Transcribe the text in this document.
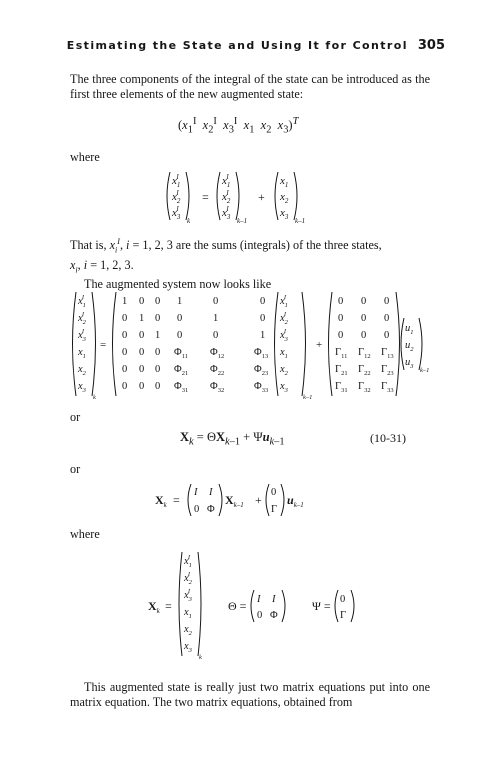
Estimating the State and Using It for Control 305
The three components of the integral of the state can be introduced as the first three elements of the new augmented state:
($x_1^I$ $x_2^I$ $x_3^I$ $x_1$ $x_2$ $x_3)^T$
where
$x_1I$
$x_2I$
$x_3I$
k
=
$x_1I$
$x_2I$
$x_3I$
k–1
+
$x_1$
$x_2$
$x_3$ k–1
That is, $x_i^I$, i = 1, 2, 3 are the sums (integrals) of the three states,
$x_i$, i = 1, 2, 3.
The augmented system now looks like
$x_1I$
$x_2I$
$x_3I$
$x_1$
$x_2$
$x_3$
k
=
1 0 0 1	0	0
0 1 0 0	1	0
0 0 1 0	0	1
0 0 0 $\Phi_{11}$ $\Phi_{12}$	$\Phi_{13}$
0 0 0 $\Phi_{21}$ $\Phi_{22}$	$\Phi_{23}$
0 0 0 $\Phi_{31}$ $\Phi_{32}$	$\Phi_{33}$
$x_1I$
$x_2I$
$x_3I$
$x_1$
$x_2$
$x_3$
k–1
+
0 0 0
0 0 0
0 0 0
$\Gamma_{11}$ $\Gamma_{12}$ $\Gamma_{13}$
$\Gamma_{21}$ $\Gamma_{22}$ $\Gamma_{23}$
$\Gamma_{31}$ $\Gamma_{32}$ $\Gamma_{33}$
$u_1$
$u_2$
$u_3$
k–1
or
$X_k = \Theta X_{k-1} + \Psi u_{k-1}$	(10-31)
or
$X_k$ =
I I
0 Φ
$X_{k-1}$ +
0
Γ
$u_{k-1}$
where
$X_k$ =
$x_1I$
$x_2I$
$x_3I$
$x_1$
$x_2$
$x_3$
k
Θ = I I
0 Φ
Ψ = 0
Γ
This augmented state is really just two matrix equations put into one matrix equation. The two matrix equations, obtained from
